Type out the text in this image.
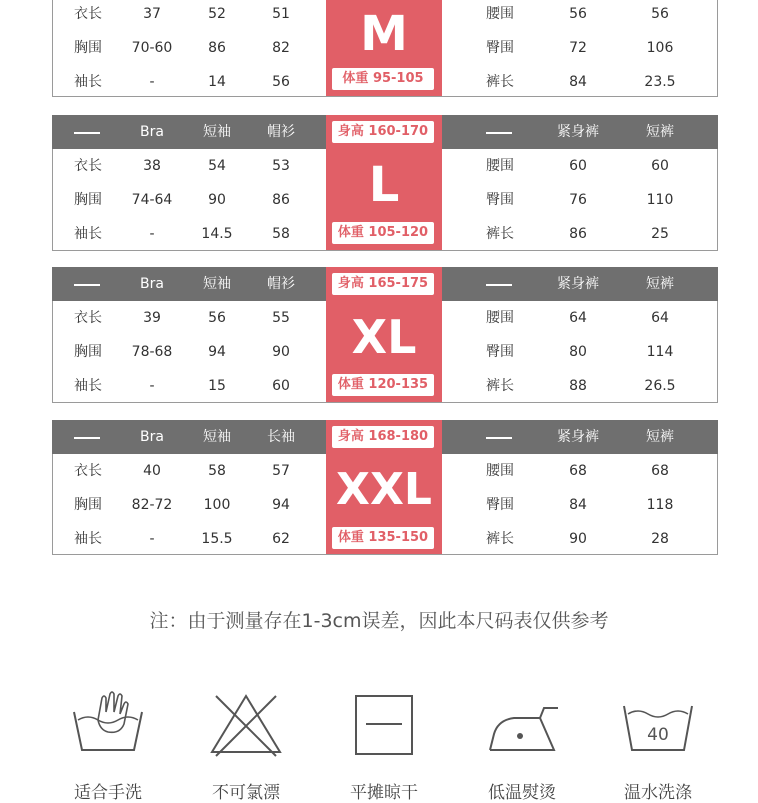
M
体重 95-105
衣长	37	52	51
胸围	70-60	86	82
袖长	-	14	56
腰围	56	56
臀围	72	106
裤长	84	23.5
Bra	短袖	帽衫	紧身裤	短裤
身高 160-170
L
体重 105-120
衣长	38	54	53
胸围	74-64	90	86
袖长	-	14.5	58
腰围	60	60
臀围	76	110
裤长	86	25
Bra	短袖	帽衫	紧身裤	短裤
身高 165-175
XL
体重 120-135
衣长	39	56	55
胸围	78-68	94	90
袖长	-	15	60
腰围	64	64
臀围	80	114
裤长	88	26.5
Bra	短袖	长袖	紧身裤	短裤
身高 168-180
XXL
体重 135-150
衣长	40	58	57
胸围	82-72	100	94
袖长	-	15.5	62
腰围	68	68
臀围	84	118
裤长	90	28
注：由于测量存在1-3cm误差，因此本尺码表仅供参考
适合手洗	不可氯漂	平摊晾干	低温熨烫
40
温水洗涤
